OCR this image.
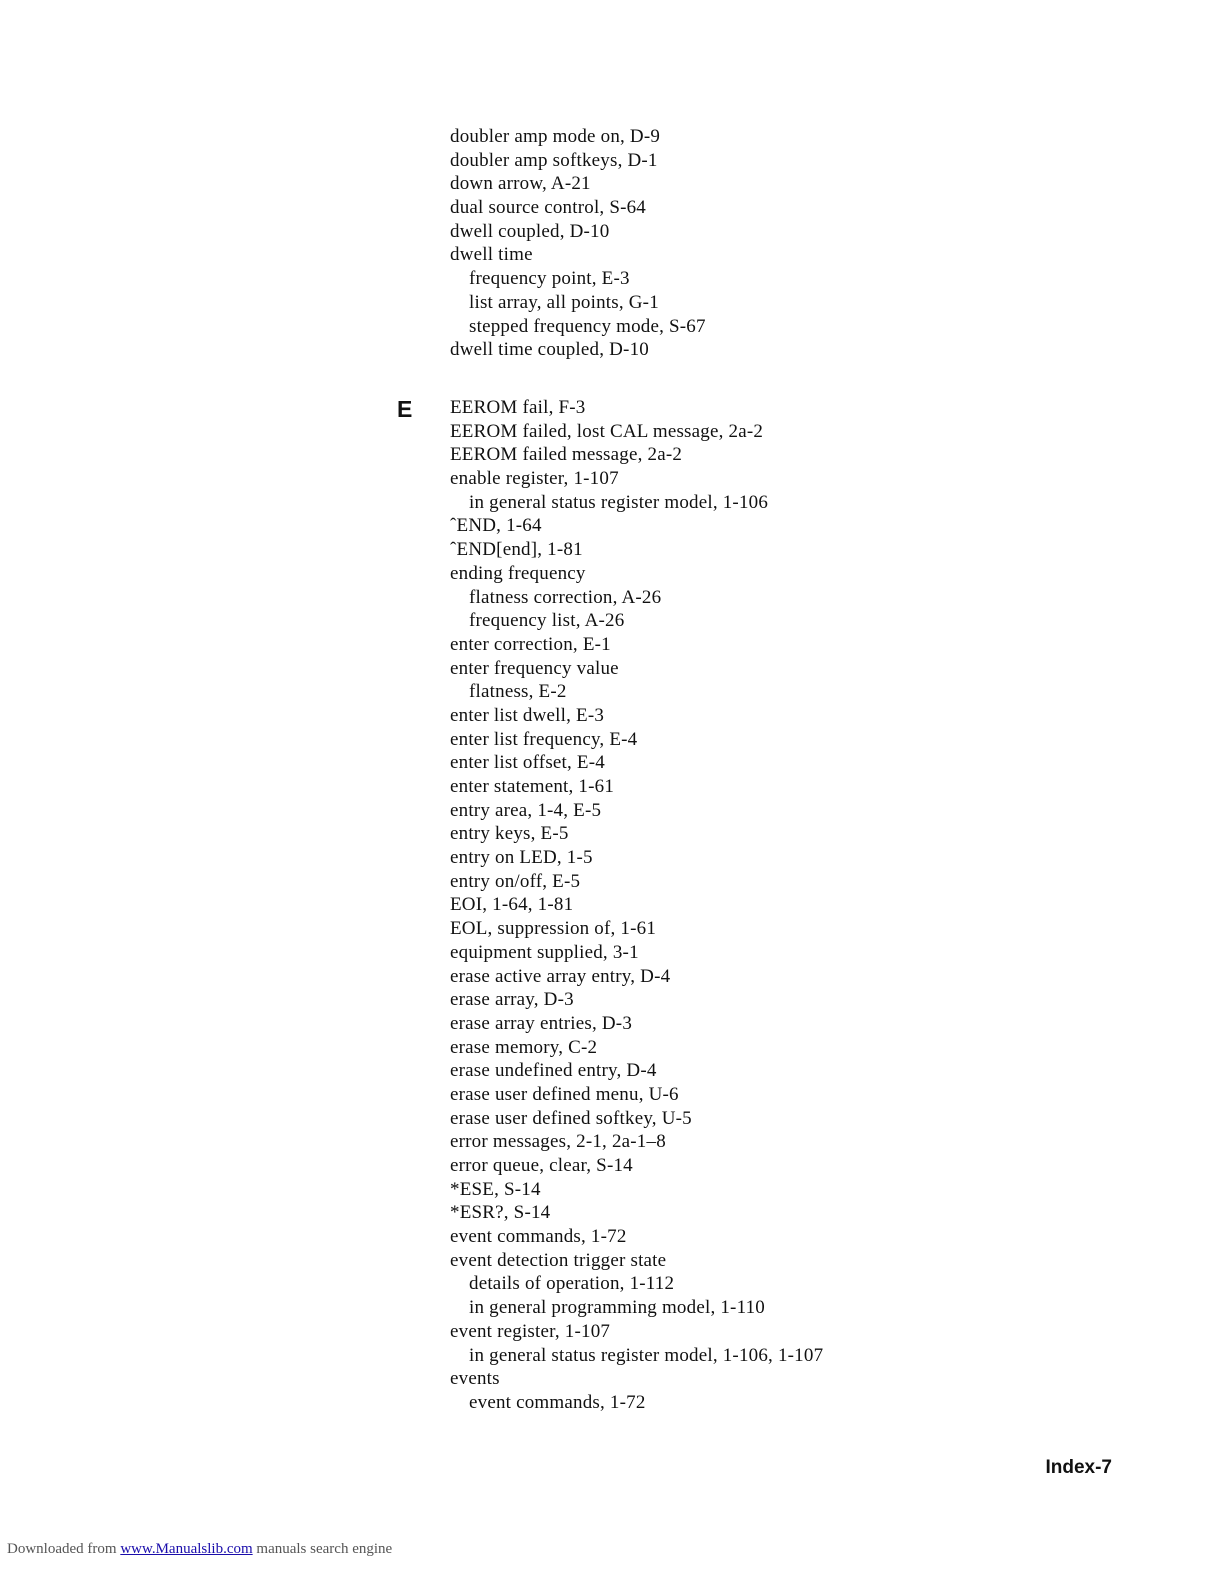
doubler amp mode on, D-9
doubler amp softkeys, D-1
down arrow, A-21
dual source control, S-64
dwell coupled, D-10
dwell time
frequency point, E-3
list array, all points, G-1
stepped frequency mode, S-67
dwell time coupled, D-10
E EEROM fail, F-3
EEROM failed, lost CAL message, 2a-2
EEROM failed message, 2a-2
enable register, 1-107
in general status register model, 1-106
ˆEND, 1-64
ˆEND[end], 1-81
ending frequency
flatness correction, A-26
frequency list, A-26
enter correction, E-1
enter frequency value
flatness, E-2
enter list dwell, E-3
enter list frequency, E-4
enter list offset, E-4
enter statement, 1-61
entry area, 1-4, E-5
entry keys, E-5
entry on LED, 1-5
entry on/off, E-5
EOI, 1-64, 1-81
EOL, suppression of, 1-61
equipment supplied, 3-1
erase active array entry, D-4
erase array, D-3
erase array entries, D-3
erase memory, C-2
erase undefined entry, D-4
erase user defined menu, U-6
erase user defined softkey, U-5
error messages, 2-1, 2a-1–8
error queue, clear, S-14
*ESE, S-14
*ESR?, S-14
event commands, 1-72
event detection trigger state
details of operation, 1-112
in general programming model, 1-110
event register, 1-107
in general status register model, 1-106, 1-107
events
event commands, 1-72
Index-7
Downloaded from www.Manualslib.com manuals search engine
